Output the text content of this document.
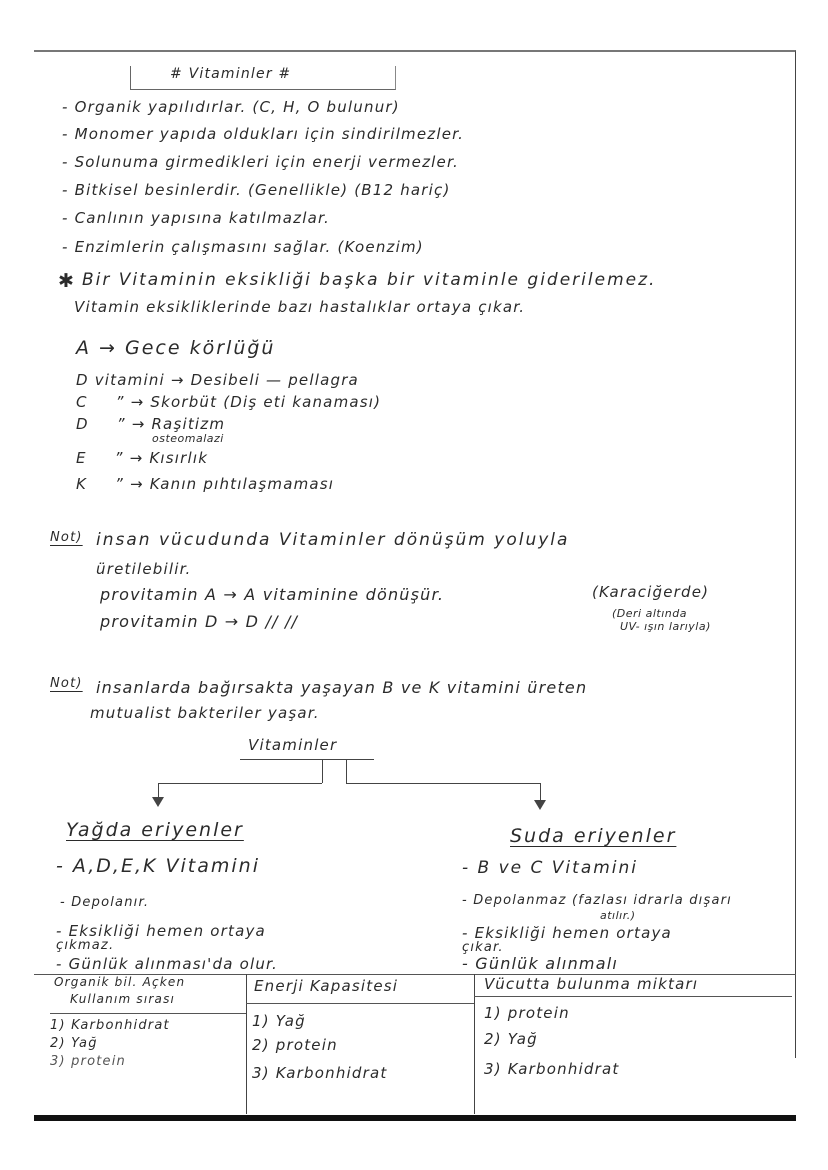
# Vitaminler #
- Organik yapılıdırlar. (C, H, O bulunur)
- Monomer yapıda oldukları için sindirilmezler.
- Solunuma girmedikleri için enerji vermezler.
- Bitkisel besinlerdir. (Genellikle) (B12 hariç)
- Canlının yapısına katılmazlar.
- Enzimlerin çalışmasını sağlar. (Koenzim)
✱ Bir Vitaminin eksikliği başka bir vitaminle giderilemez.
Vitamin eksikliklerinde bazı hastalıklar ortaya çıkar.
A → Gece körlüğü
D vitamini → Desibeli — pellagra
C ” → Skorbüt (Diş eti kanaması)
D ” → Raşitizm
osteomalazi
E ” → Kısırlık
K ” → Kanın pıhtılaşmaması
Not) insan vücudunda Vitaminler dönüşüm yoluyla
üretilebilir.
provitamin A → A vitaminine dönüşür.	(Karaciğerde)
provitamin D → D // //	(Deri altında
UV- ışın larıyla)
Not) insanlarda bağırsakta yaşayan B ve K vitamini üreten
mutualist bakteriler yaşar.
Vitaminler
Yağda eriyenler
- A,D,E,K Vitamini
- Depolanır.
- Eksikliği hemen ortaya
çıkmaz.
- Günlük alınması'da olur.
Suda eriyenler
- B ve C Vitamini
- Depolanmaz (fazlası idrarla dışarı
atılır.)
- Eksikliği hemen ortaya
çıkar.
- Günlük alınmalı
Organik bil. Açken
Kullanım sırası
1) Karbonhidrat
2) Yağ
3) protein
Enerji Kapasitesi
1) Yağ
2) protein
3) Karbonhidrat
Vücutta bulunma miktarı
1) protein
2) Yağ
3) Karbonhidrat
